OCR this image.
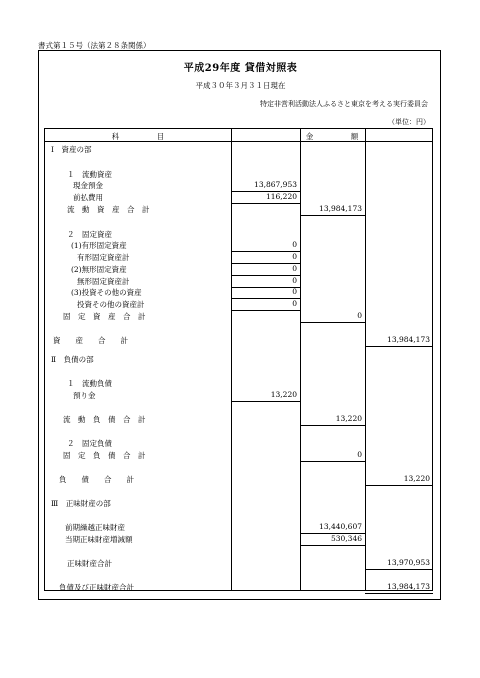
書式第１５号（法第２８条関係）
平成29年度 貸借対照表
平成３０年３月３１日現在
特定非営利活動法人ふるさと東京を考える実行委員会
（単位：円）
科　　　　　目	金　　　　　額
Ⅰ　資産の部
１　流動資産
現金預金	13,867,953
前払費用	116,220
流　動　資　産　合　計	13,984,173
２　固定資産
(1)有形固定資産	0
有形固定資産計	0
(2)無形固定資産	0
無形固定資産計	0
(3)投資その他の資産	0
投資その他の資産計	0
固　定　資　産　合　計	0
資　　産　　合　　計	13,984,173
Ⅱ　負債の部
１　流動負債
預り金	13,220
流　動　負　債　合　計	13,220
２　固定負債
固　定　負　債　合　計	0
負　　債　　合　　計	13,220
Ⅲ　正味財産の部
前期繰越正味財産	13,440,607
当期正味財産増減額	530,346
正味財産合計	13,970,953
負債及び正味財産合計	13,984,173
